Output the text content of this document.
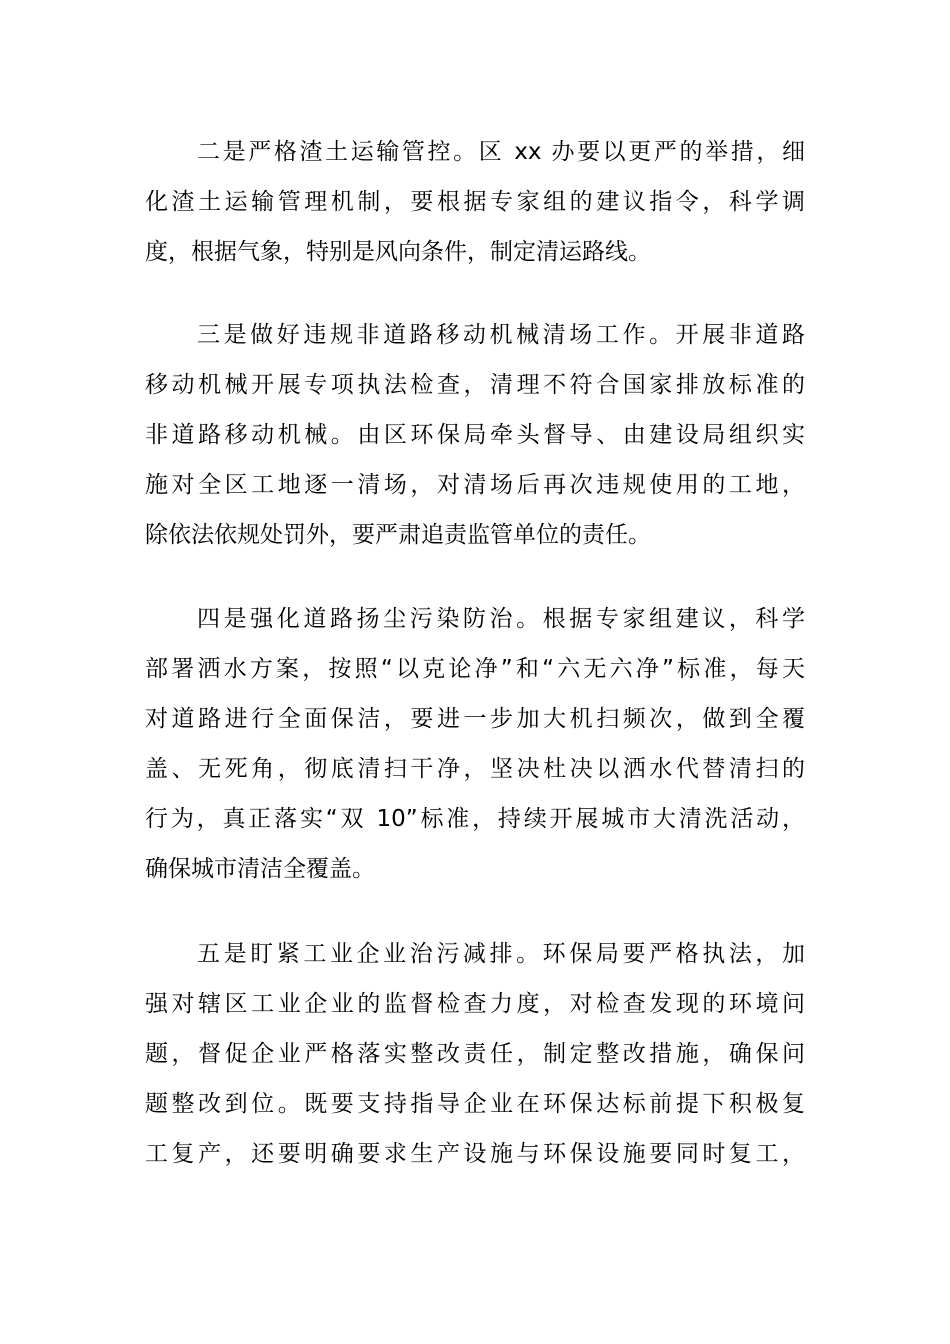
二是严格渣土运输管控。区 xx 办要以更严的举措，细
化渣土运输管理机制，要根据专家组的建议指令，科学调
度，根据气象，特别是风向条件，制定清运路线。
三是做好违规非道路移动机械清场工作。开展非道路
移动机械开展专项执法检查，清理不符合国家排放标准的
非道路移动机械。由区环保局牵头督导、由建设局组织实
施对全区工地逐一清场，对清场后再次违规使用的工地，
除依法依规处罚外，要严肃追责监管单位的责任。
四是强化道路扬尘污染防治。根据专家组建议，科学
部署洒水方案，按照“以克论净”和“六无六净”标准，每天
对道路进行全面保洁，要进一步加大机扫频次，做到全覆
盖、无死角，彻底清扫干净，坚决杜决以洒水代替清扫的
行为，真正落实“双 10”标准，持续开展城市大清洗活动，
确保城市清洁全覆盖。
五是盯紧工业企业治污减排。环保局要严格执法，加
强对辖区工业企业的监督检查力度，对检查发现的环境问
题，督促企业严格落实整改责任，制定整改措施，确保问
题整改到位。既要支持指导企业在环保达标前提下积极复
工复产，还要明确要求生产设施与环保设施要同时复工，
